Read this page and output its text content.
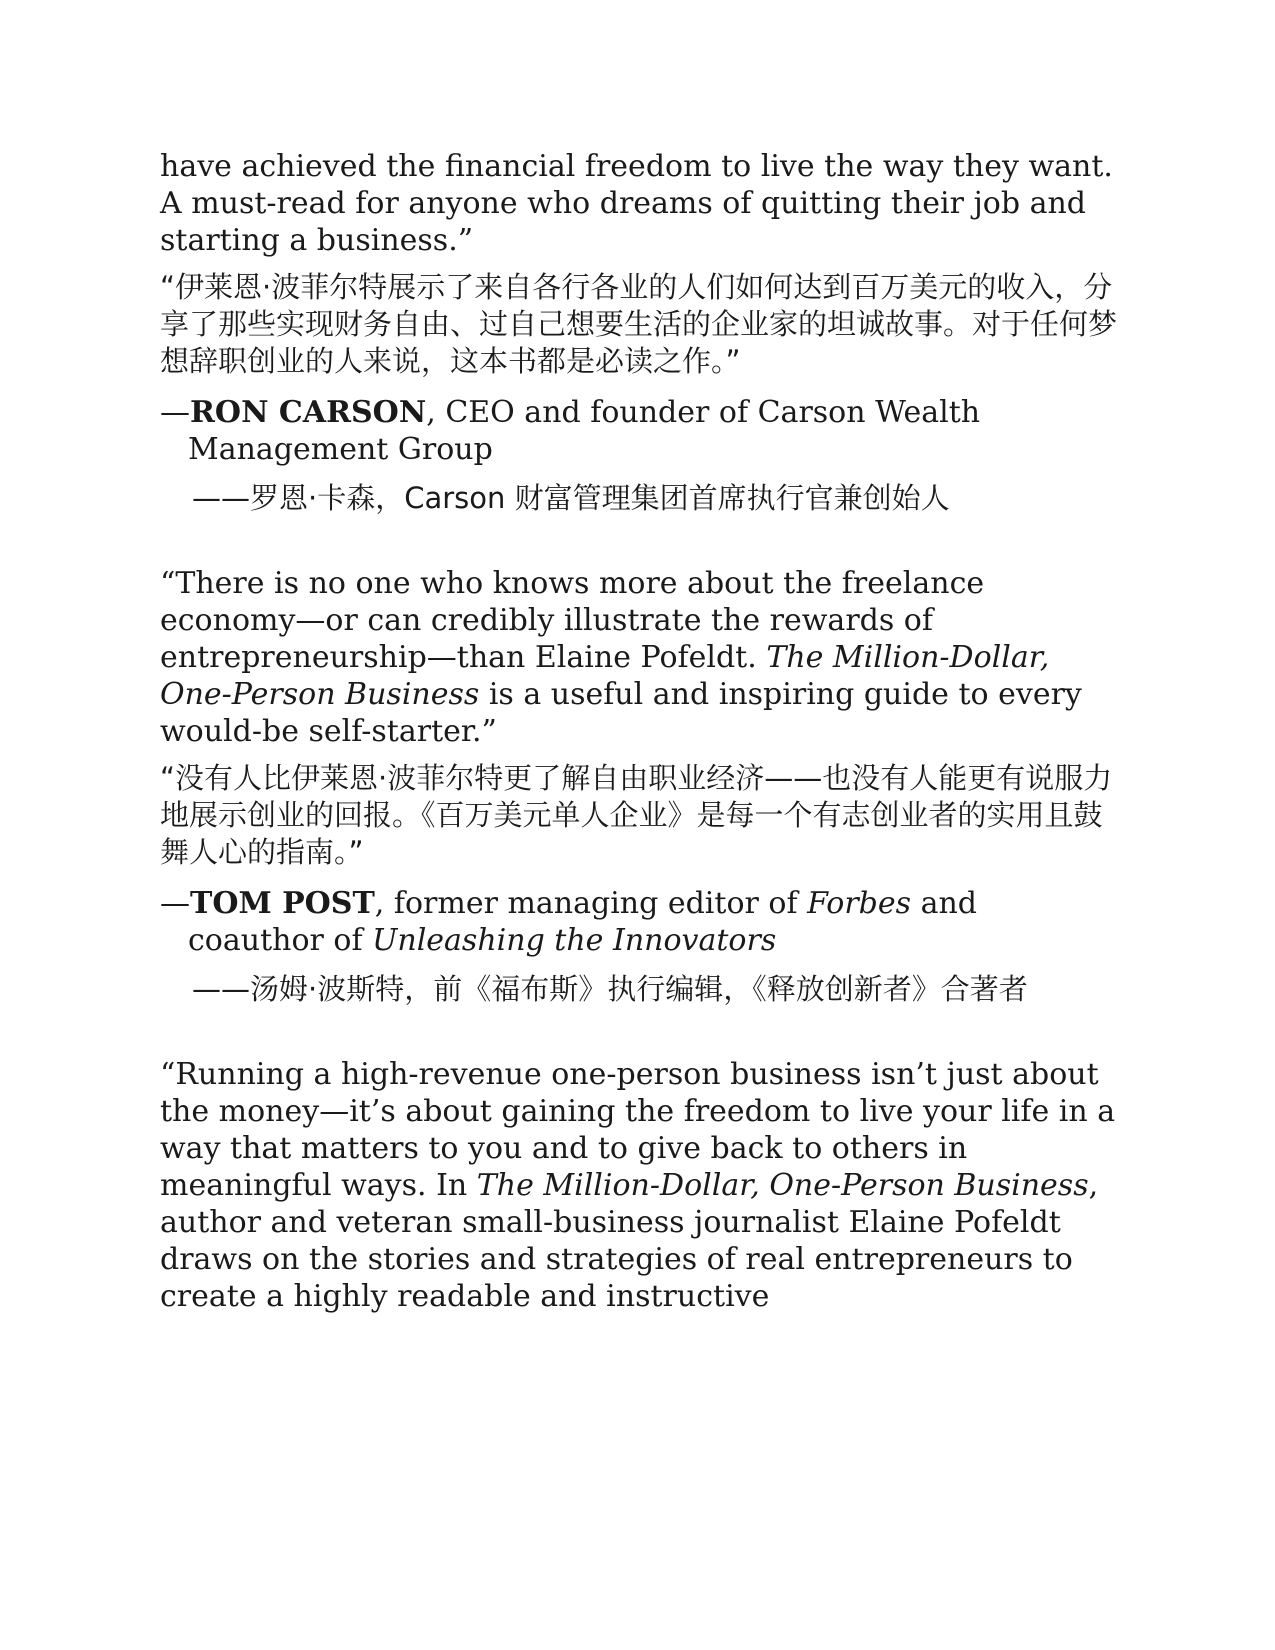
have achieved the financial freedom to live the way they want. A must-read for anyone who dreams of quitting their job and starting a business.”

“伊莱恩·波菲尔特展示了来自各行各业的人们如何达到百万美元的收入，分享了那些实现财务自由、过自己想要生活的企业家的坦诚故事。对于任何梦想辞职创业的人来说，这本书都是必读之作。”

—RON CARSON, CEO and founder of Carson Wealth Management Group

——罗恩·卡森，Carson 财富管理集团首席执行官兼创始人

“There is no one who knows more about the freelance economy—or can credibly illustrate the rewards of entrepreneurship—than Elaine Pofeldt. The Million-Dollar, One-Person Business is a useful and inspiring guide to every would-be self-starter.”

“没有人比伊莱恩·波菲尔特更了解自由职业经济——也没有人能更有说服力地展示创业的回报。《百万美元单人企业》是每一个有志创业者的实用且鼓舞人心的指南。”

—TOM POST, former managing editor of Forbes and coauthor of Unleashing the Innovators

——汤姆·波斯特，前《福布斯》执行编辑，《释放创新者》合著者

“Running a high-revenue one-person business isn’t just about the money—it’s about gaining the freedom to live your life in a way that matters to you and to give back to others in meaningful ways. In The Million-Dollar, One-Person Business, author and veteran small-business journalist Elaine Pofeldt draws on the stories and strategies of real entrepreneurs to create a highly readable and instructive
